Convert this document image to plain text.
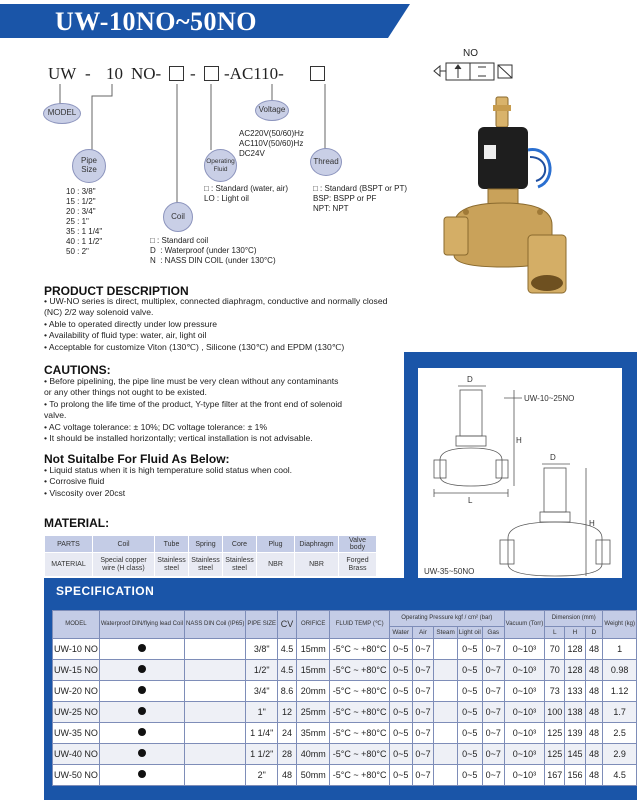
UW-10NO~50NO
UW - 10 NO- - -AC110-
MODEL
Pipe Size
Coil
Operating Fluid
Voltage
Thread
10 : 3/8"
15 : 1/2"
20 : 3/4"
25 : 1"
35 : 1 1/4"
40 : 1 1/2"
50 : 2"
□ : Standard coil
D  : Waterproof (under 130°C)
N  : NASS DIN COIL (under 130°C)
□ : Standard (water, air)
LO : Light oil
AC220V(50/60)Hz
AC110V(50/60)Hz
DC24V
□ : Standard (BSPT or PT)
BSP: BSPP or PF
NPT: NPT
NO
PRODUCT DESCRIPTION
• UW-NO series is direct, multiplex, connected diaphragm, conductive and normally closed
(NC) 2/2 way solenoid valve.
• Able to operated directly under low pressure
• Availability of fluid type: water, air, light oil
• Acceptable for customize Viton (130℃) , Silicone (130℃) and EPDM (130℃)
CAUTIONS:
• Before pipelining, the pipe line must be very clean without any contaminants
or any other things not ought to be existed.
• To prolong the life time of the product, Y-type filter at the front end of solenoid
valve.
• AC voltage tolerance: ± 10%; DC voltage tolerance: ± 1%
• It should be installed horizontally; vertical installation is not advisable.
Not Suitalbe For Fluid As Below:
• Liquid status when it is high temperature solid status when cool.
• Corrosive fluid
• Viscosity over 20cst
MATERIAL:
PARTS	Coil	Tube	Spring	Core	Plug	Diaphragm	Valve body
MATERIAL	Special copper wire (H class)	Stainless steel	Stainless steel	Stainless steel	NBR	NBR	Forged Brass
D
H
L
UW-10~25NO
D
H
UW-35~50NO
SPECIFICATION
MODEL	Waterproof DIN/flying lead Coil	NASS DIN Coil (IP65)	PIPE SIZE	CV	ORIFICE	FLUID TEMP (℃)	Operating Pressure kgf / cm² (bar)					Vacuum (Torr)	Dimension (mm)			Weight (kg)
							Water	Air	Steam	Light oil	Gas		L	H	D	
UW-10 NO			3/8"	4.5	15mm	-5°C ~ +80°C	0~5	0~7		0~5	0~7	0~10³	70	128	48	1
UW-15 NO			1/2"	4.5	15mm	-5°C ~ +80°C	0~5	0~7		0~5	0~7	0~10³	70	128	48	0.98
UW-20 NO			3/4"	8.6	20mm	-5°C ~ +80°C	0~5	0~7		0~5	0~7	0~10³	73	133	48	1.12
UW-25 NO			1"	12	25mm	-5°C ~ +80°C	0~5	0~7		0~5	0~7	0~10³	100	138	48	1.7
UW-35 NO			1 1/4"	24	35mm	-5°C ~ +80°C	0~5	0~7		0~5	0~7	0~10³	125	139	48	2.5
UW-40 NO			1 1/2"	28	40mm	-5°C ~ +80°C	0~5	0~7		0~5	0~7	0~10³	125	145	48	2.9
UW-50 NO			2"	48	50mm	-5°C ~ +80°C	0~5	0~7		0~5	0~7	0~10³	167	156	48	4.5
